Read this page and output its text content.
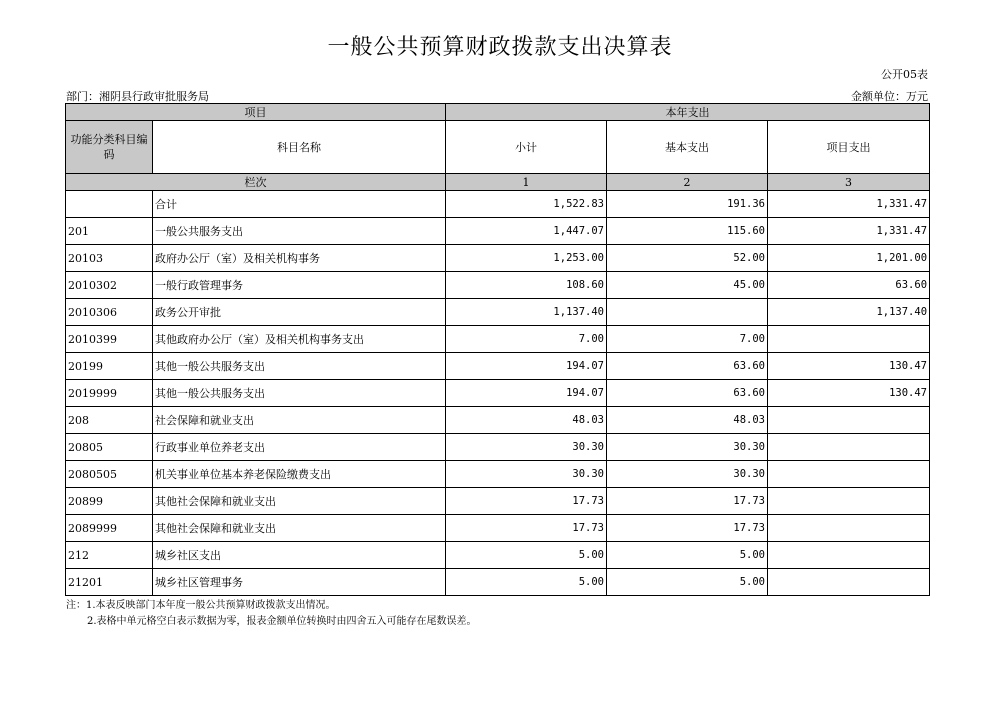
一般公共预算财政拨款支出决算表
公开05表
部门：湘阴县行政审批服务局	金额单位：万元
项目		本年支出		
功能分类科目编码	科目名称	小计	基本支出	项目支出
栏次		1	2	3
	合计	1,522.83	191.36	1,331.47
201	一般公共服务支出	1,447.07	115.60	1,331.47
20103	政府办公厅（室）及相关机构事务	1,253.00	52.00	1,201.00
2010302	一般行政管理事务	108.60	45.00	63.60
2010306	政务公开审批	1,137.40		1,137.40
2010399	其他政府办公厅（室）及相关机构事务支出	7.00	7.00	
20199	其他一般公共服务支出	194.07	63.60	130.47
2019999	其他一般公共服务支出	194.07	63.60	130.47
208	社会保障和就业支出	48.03	48.03	
20805	行政事业单位养老支出	30.30	30.30	
2080505	机关事业单位基本养老保险缴费支出	30.30	30.30	
20899	其他社会保障和就业支出	17.73	17.73	
2089999	其他社会保障和就业支出	17.73	17.73	
212	城乡社区支出	5.00	5.00	
21201	城乡社区管理事务	5.00	5.00	
注：1.本表反映部门本年度一般公共预算财政拨款支出情况。
2.表格中单元格空白表示数据为零，报表金额单位转换时由四舍五入可能存在尾数误差。
